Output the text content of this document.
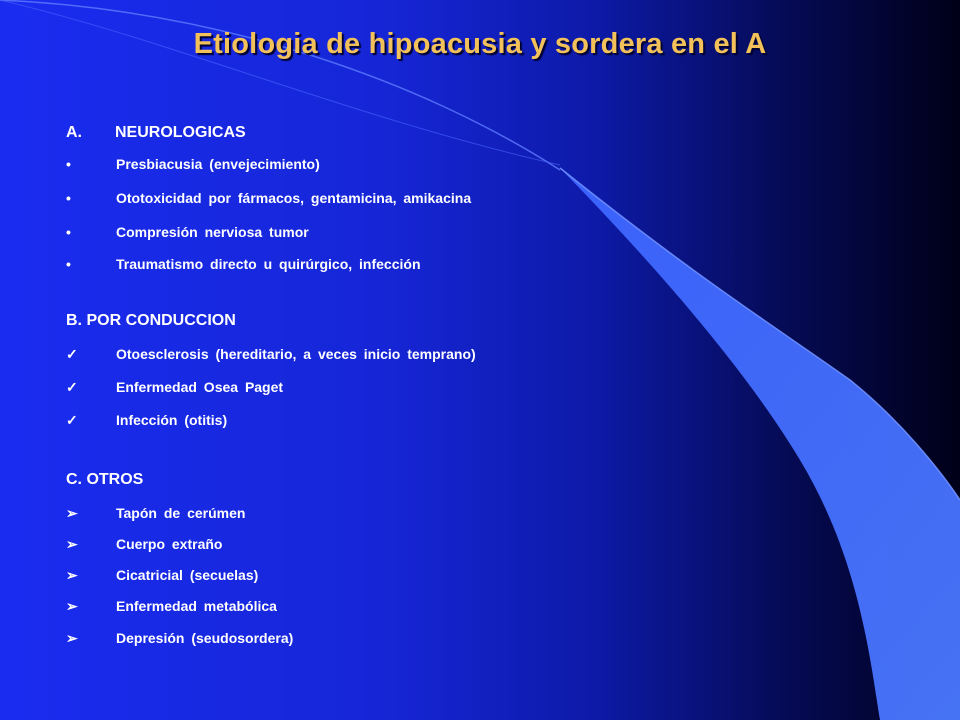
Etiologia de hipoacusia y sordera en el A
A. NEUROLOGICAS
•	Presbiacusia (envejecimiento)
•	Ototoxicidad por fármacos, gentamicina, amikacina
•	Compresión nerviosa tumor
•	Traumatismo directo u quirúrgico, infección
B. POR CONDUCCION
✓	Otoesclerosis (hereditario, a veces inicio temprano)
✓	Enfermedad Osea Paget
✓	Infección (otitis)
C. OTROS
➢	Tapón de cerúmen
➢	Cuerpo extraño
➢	Cicatricial (secuelas)
➢	Enfermedad metabólica
➢	Depresión (seudosordera)
